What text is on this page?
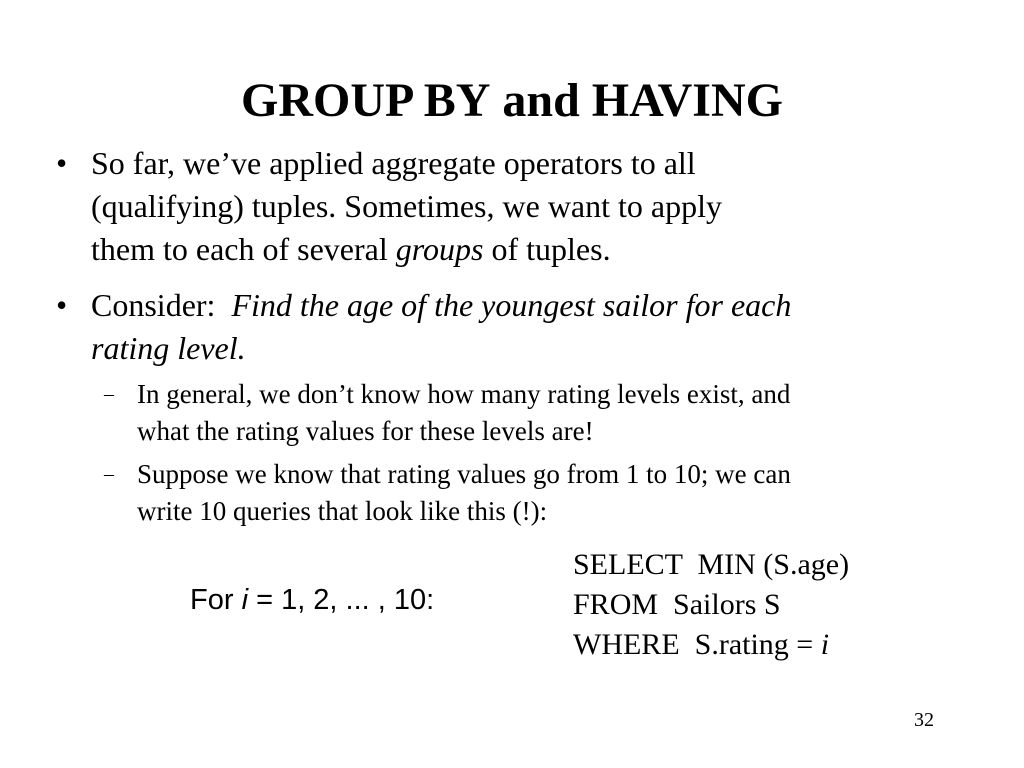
GROUP BY and HAVING
• So far, we’ve applied aggregate operators to all
(qualifying) tuples. Sometimes, we want to apply
them to each of several groups of tuples.
• Consider:  Find the age of the youngest sailor for each
rating level.
– In general, we don’t know how many rating levels exist, and
what the rating values for these levels are!
– Suppose we know that rating values go from 1 to 10; we can
write 10 queries that look like this (!):
For i = 1, 2, ... , 10:
SELECT  MIN (S.age)
FROM  Sailors S
WHERE  S.rating = i
32
